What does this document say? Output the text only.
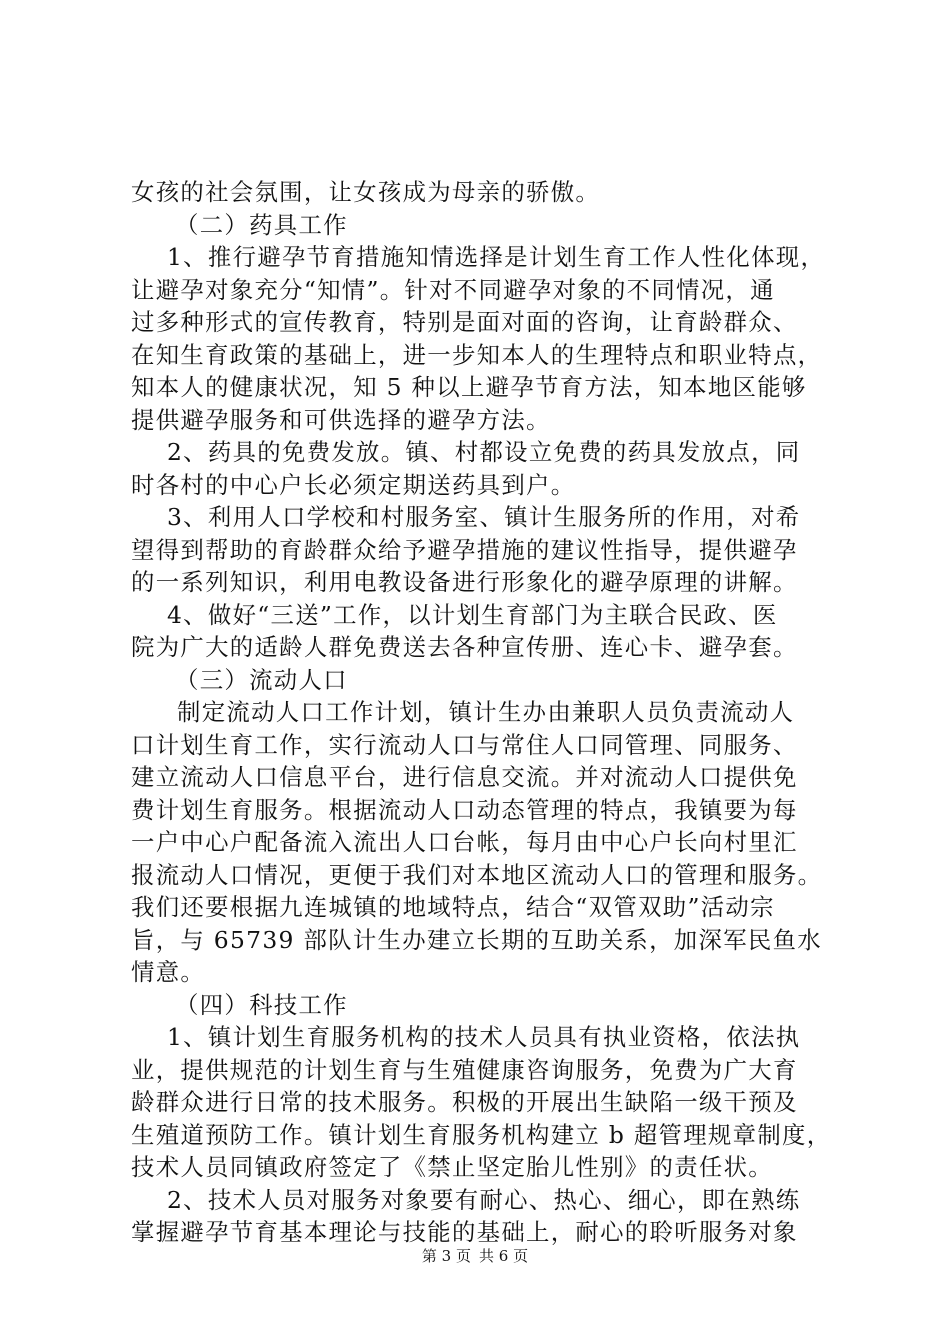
女孩的社会氛围，让女孩成为母亲的骄傲。
（二）药具工作
1、推行避孕节育措施知情选择是计划生育工作人性化体现，
让避孕对象充分“知情”。针对不同避孕对象的不同情况，通
过多种形式的宣传教育，特别是面对面的咨询，让育龄群众、
在知生育政策的基础上，进一步知本人的生理特点和职业特点，
知本人的健康状况，知 5 种以上避孕节育方法，知本地区能够
提供避孕服务和可供选择的避孕方法。
2、药具的免费发放。镇、村都设立免费的药具发放点，同
时各村的中心户长必须定期送药具到户。
3、利用人口学校和村服务室、镇计生服务所的作用，对希
望得到帮助的育龄群众给予避孕措施的建议性指导，提供避孕
的一系列知识，利用电教设备进行形象化的避孕原理的讲解。
4、做好“三送”工作，以计划生育部门为主联合民政、医
院为广大的适龄人群免费送去各种宣传册、连心卡、避孕套。
（三）流动人口
制定流动人口工作计划，镇计生办由兼职人员负责流动人
口计划生育工作，实行流动人口与常住人口同管理、同服务、
建立流动人口信息平台，进行信息交流。并对流动人口提供免
费计划生育服务。根据流动人口动态管理的特点，我镇要为每
一户中心户配备流入流出人口台帐，每月由中心户长向村里汇
报流动人口情况，更便于我们对本地区流动人口的管理和服务。
我们还要根据九连城镇的地域特点，结合“双管双助”活动宗
旨，与 65739 部队计生办建立长期的互助关系，加深军民鱼水
情意。
（四）科技工作
1、镇计划生育服务机构的技术人员具有执业资格，依法执
业，提供规范的计划生育与生殖健康咨询服务，免费为广大育
龄群众进行日常的技术服务。积极的开展出生缺陷一级干预及
生殖道预防工作。镇计划生育服务机构建立 b 超管理规章制度，
技术人员同镇政府签定了《禁止坚定胎儿性别》的责任状。
2、技术人员对服务对象要有耐心、热心、细心，即在熟练
掌握避孕节育基本理论与技能的基础上，耐心的聆听服务对象
第 3 页 共 6 页
